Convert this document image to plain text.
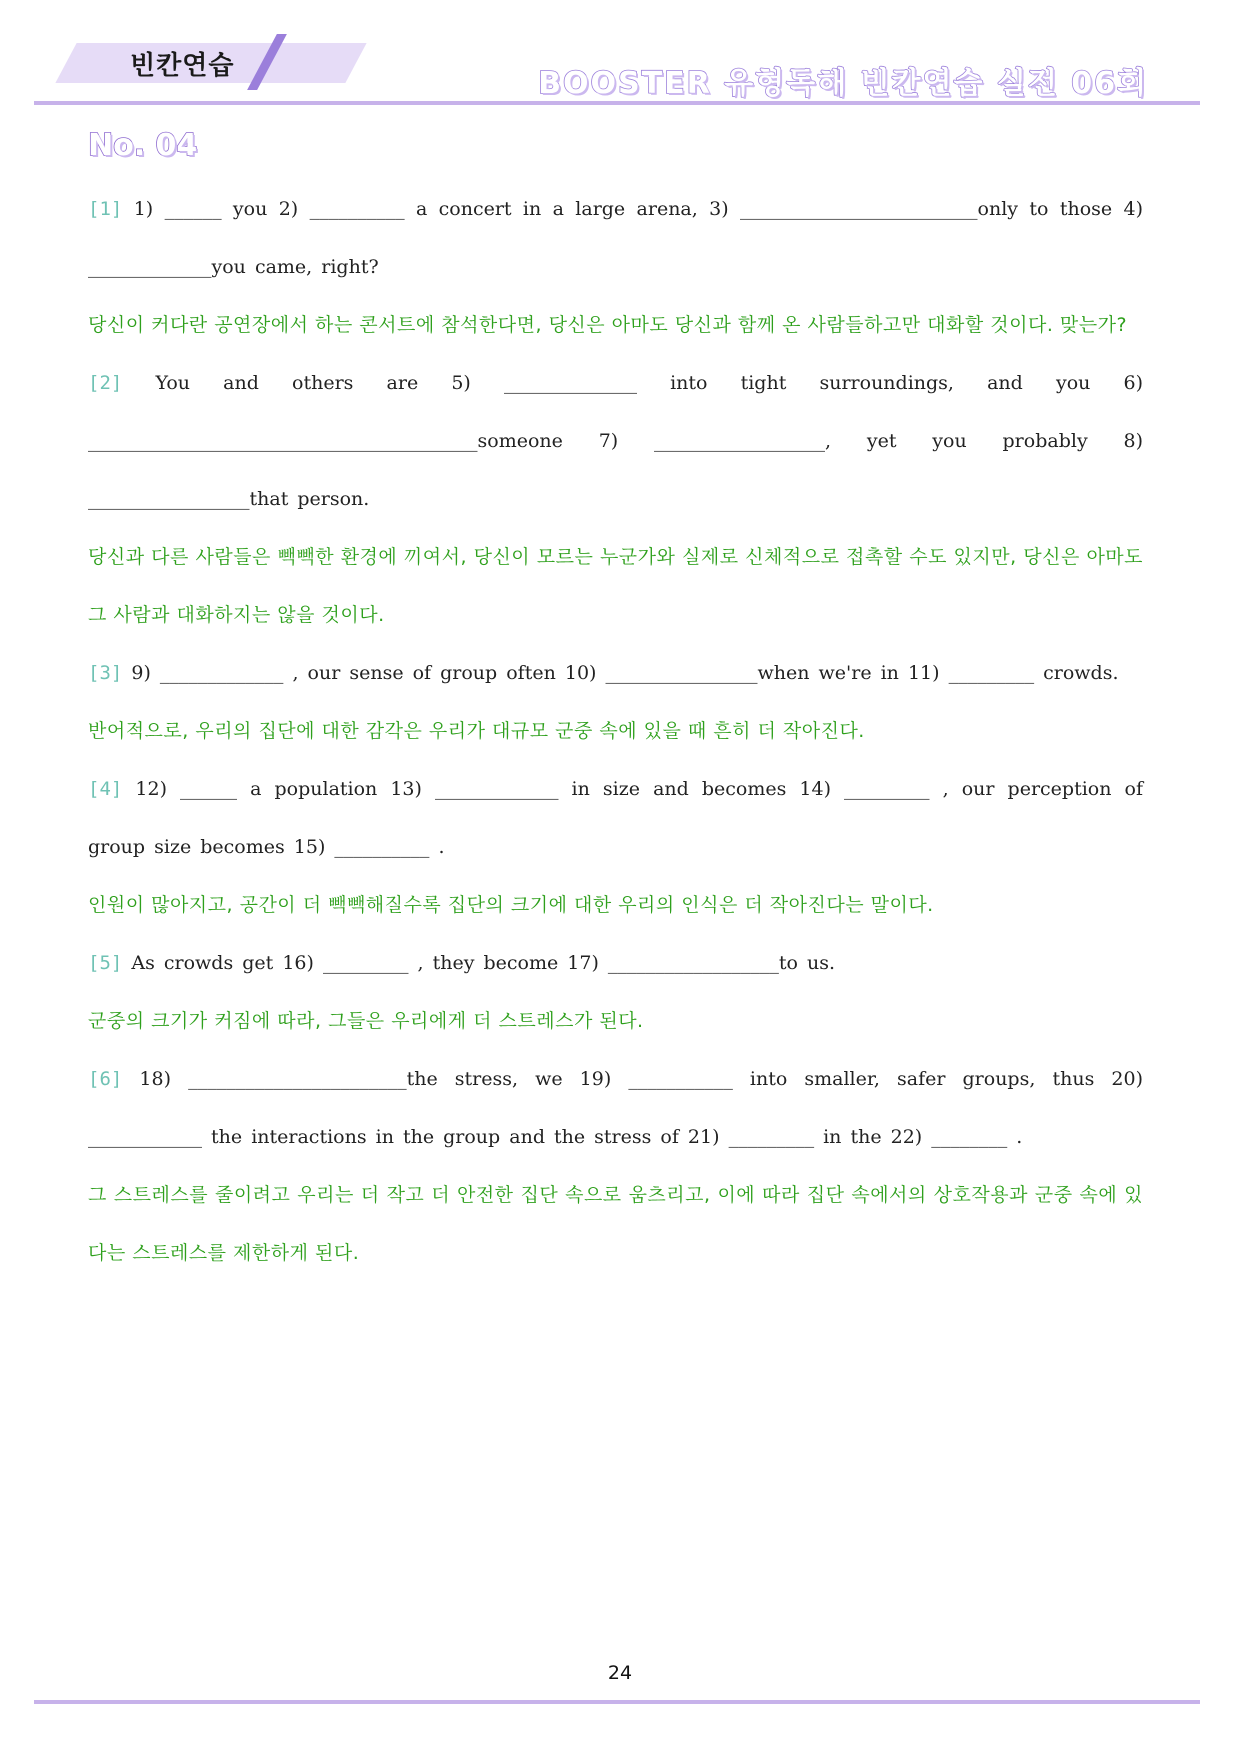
빈칸연습	BOOSTER 유형독해 빈칸연습 실전 06회
No. 04

[1] 1) ______ you 2) __________ a concert in a large arena, 3) _________________________only to those 4) _____________you came, right?

당신이 커다란 공연장에서 하는 콘서트에 참석한다면, 당신은 아마도 당신과 함께 온 사람들하고만 대화할 것이다. 맞는가?

[2] You and others are 5) ______________ into tight surroundings, and you 6) _________________________________________someone 7) __________________, yet you probably 8) _________________that person.

당신과 다른 사람들은 빽빽한 환경에 끼여서, 당신이 모르는 누군가와 실제로 신체적으로 접촉할 수도 있지만, 당신은 아마도 그 사람과 대화하지는 않을 것이다.

[3] 9) _____________ , our sense of group often 10) ________________when we're in 11) _________ crowds.

반어적으로, 우리의 집단에 대한 감각은 우리가 대규모 군중 속에 있을 때 흔히 더 작아진다.

[4] 12) ______ a population 13) _____________ in size and becomes 14) _________ , our perception of group size becomes 15) __________ .

인원이 많아지고, 공간이 더 빽빽해질수록 집단의 크기에 대한 우리의 인식은 더 작아진다는 말이다.

[5] As crowds get 16) _________ , they become 17) __________________to us.

군중의 크기가 커짐에 따라, 그들은 우리에게 더 스트레스가 된다.

[6] 18) _______________________the stress, we 19) ___________ into smaller, safer groups, thus 20) ____________ the interactions in the group and the stress of 21) _________ in the 22) ________ .

그 스트레스를 줄이려고 우리는 더 작고 더 안전한 집단 속으로 움츠리고, 이에 따라 집단 속에서의 상호작용과 군중 속에 있다는 스트레스를 제한하게 된다.

24
